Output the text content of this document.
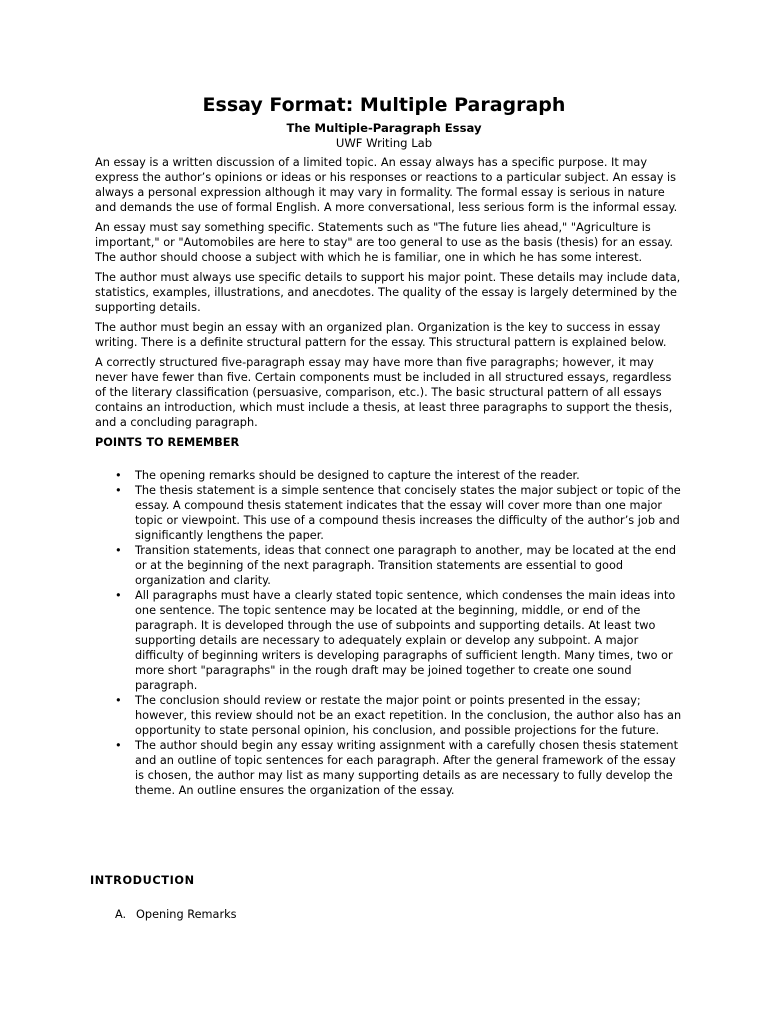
Essay Format: Multiple Paragraph
The Multiple-Paragraph Essay
UWF Writing Lab

An essay is a written discussion of a limited topic. An essay always has a specific purpose. It may express the author’s opinions or ideas or his responses or reactions to a particular subject. An essay is always a personal expression although it may vary in formality. The formal essay is serious in nature and demands the use of formal English. A more conversational, less serious form is the informal essay.

An essay must say something specific. Statements such as "The future lies ahead," "Agriculture is important," or "Automobiles are here to stay" are too general to use as the basis (thesis) for an essay. The author should choose a subject with which he is familiar, one in which he has some interest.

The author must always use specific details to support his major point. These details may include data, statistics, examples, illustrations, and anecdotes. The quality of the essay is largely determined by the supporting details.

The author must begin an essay with an organized plan. Organization is the key to success in essay writing. There is a definite structural pattern for the essay. This structural pattern is explained below.

A correctly structured five-paragraph essay may have more than five paragraphs; however, it may never have fewer than five. Certain components must be included in all structured essays, regardless of the literary classification (persuasive, comparison, etc.). The basic structural pattern of all essays contains an introduction, which must include a thesis, at least three paragraphs to support the thesis, and a concluding paragraph.

POINTS TO REMEMBER
• The opening remarks should be designed to capture the interest of the reader.
• The thesis statement is a simple sentence that concisely states the major subject or topic of the essay. A compound thesis statement indicates that the essay will cover more than one major topic or viewpoint. This use of a compound thesis increases the difficulty of the author’s job and significantly lengthens the paper.
• Transition statements, ideas that connect one paragraph to another, may be located at the end or at the beginning of the next paragraph. Transition statements are essential to good organization and clarity.
• All paragraphs must have a clearly stated topic sentence, which condenses the main ideas into one sentence. The topic sentence may be located at the beginning, middle, or end of the paragraph. It is developed through the use of subpoints and supporting details. At least two supporting details are necessary to adequately explain or develop any subpoint. A major difficulty of beginning writers is developing paragraphs of sufficient length. Many times, two or more short "paragraphs" in the rough draft may be joined together to create one sound paragraph.
• The conclusion should review or restate the major point or points presented in the essay; however, this review should not be an exact repetition. In the conclusion, the author also has an opportunity to state personal opinion, his conclusion, and possible projections for the future.
• The author should begin any essay writing assignment with a carefully chosen thesis statement and an outline of topic sentences for each paragraph. After the general framework of the essay is chosen, the author may list as many supporting details as are necessary to fully develop the theme. An outline ensures the organization of the essay.
INTRODUCTION
A. Opening Remarks
